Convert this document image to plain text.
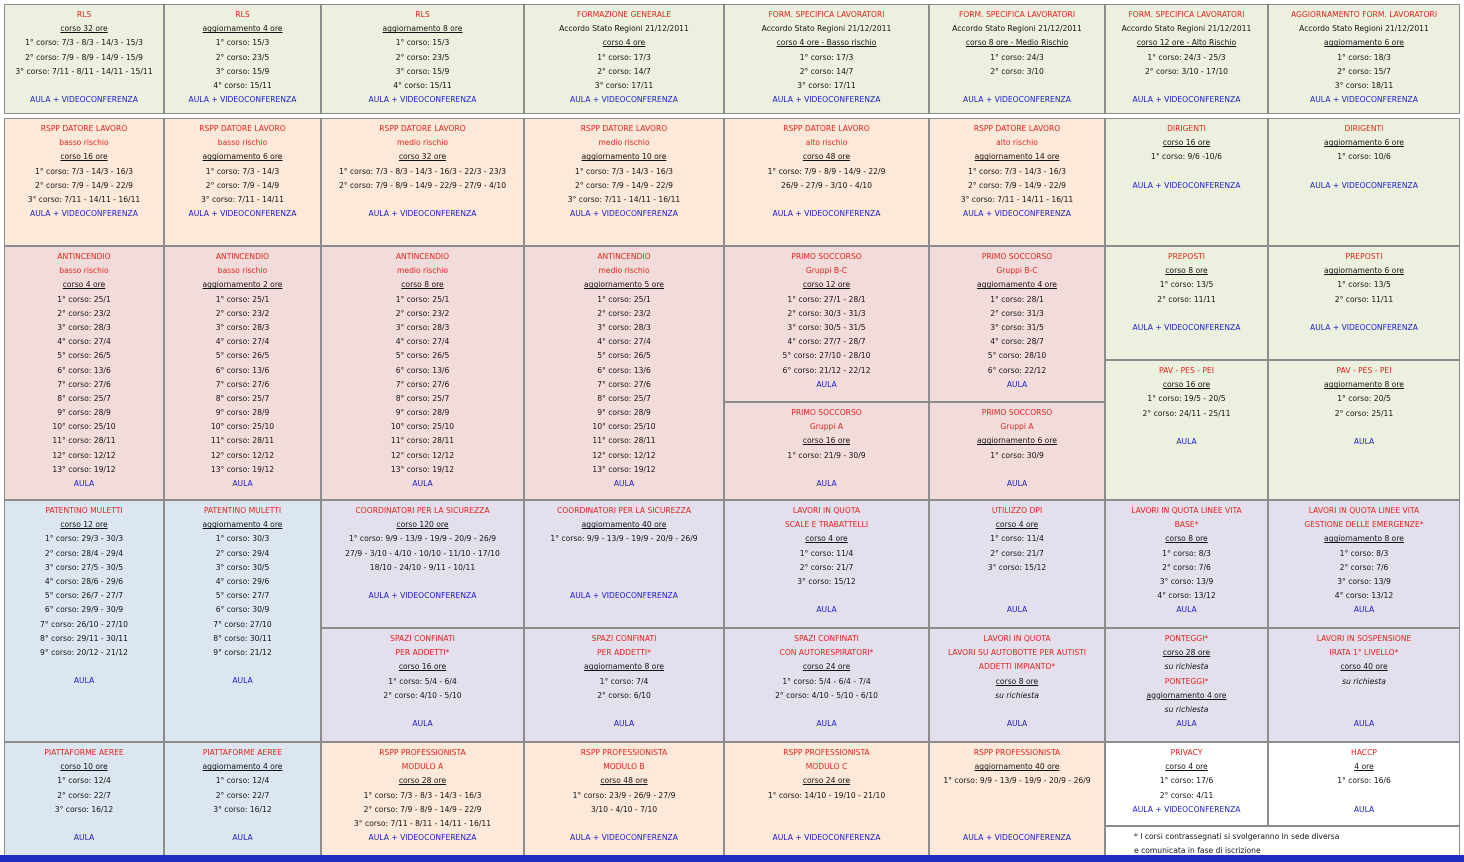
RLS
corso 32 ore
1° corso: 7/3 - 8/3 - 14/3 - 15/3
2° corso: 7/9 - 8/9 - 14/9 - 15/9
3° corso: 7/11 - 8/11 - 14/11 - 15/11
AULA + VIDEOCONFERENZA
RLS
aggiornamento 4 ore
1° corso: 15/3
2° corso: 23/5
3° corso: 15/9
4° corso: 15/11
AULA + VIDEOCONFERENZA
RLS
aggiornamento 8 ore
1° corso: 15/3
2° corso: 23/5
3° corso: 15/9
4° corso: 15/11
AULA + VIDEOCONFERENZA
FORMAZIONE GENERALE
Accordo Stato Regioni 21/12/2011
corso 4 ore
1° corso: 17/3
2° corso: 14/7
3° corso: 17/11
AULA + VIDEOCONFERENZA
FORM. SPECIFICA LAVORATORI
Accordo Stato Regioni 21/12/2011
corso 4 ore - Basso rischio
1° corso: 17/3
2° corso: 14/7
3° corso: 17/11
AULA + VIDEOCONFERENZA
FORM. SPECIFICA LAVORATORI
Accordo Stato Regioni 21/12/2011
corso 8 ore - Medio Rischio
1° corso: 24/3
2° corso: 3/10
AULA + VIDEOCONFERENZA
FORM. SPECIFICA LAVORATORI
Accordo Stato Regioni 21/12/2011
corso 12 ore - Alto Rischio
1° corso: 24/3 - 25/3
2° corso: 3/10 - 17/10
AULA + VIDEOCONFERENZA
AGGIORNAMENTO FORM. LAVORATORI
Accordo Stato Regioni 21/12/2011
aggiornamento 6 ore
1° corso: 18/3
2° corso: 15/7
3° corso: 18/11
AULA + VIDEOCONFERENZA
RSPP DATORE LAVORO
basso rischio
corso 16 ore
1° corso: 7/3 - 14/3 - 16/3
2° corso: 7/9 - 14/9 - 22/9
3° corso: 7/11 - 14/11 - 16/11
AULA + VIDEOCONFERENZA
RSPP DATORE LAVORO
basso rischio
aggiornamento 6 ore
1° corso: 7/3 - 14/3
2° corso: 7/9 - 14/9
3° corso: 7/11 - 14/11
AULA + VIDEOCONFERENZA
RSPP DATORE LAVORO
medio rischio
corso 32 ore
1° corso: 7/3 - 8/3 - 14/3 - 16/3 - 22/3 - 23/3
2° corso: 7/9 - 8/9 - 14/9 - 22/9 - 27/9 - 4/10
AULA + VIDEOCONFERENZA
RSPP DATORE LAVORO
medio rischio
aggiornamento 10 ore
1° corso: 7/3 - 14/3 - 16/3
2° corso: 7/9 - 14/9 - 22/9
3° corso: 7/11 - 14/11 - 16/11
AULA + VIDEOCONFERENZA
RSPP DATORE LAVORO
alto rischio
corso 48 ore
1° corso: 7/9 - 8/9 - 14/9 - 22/9
26/9 - 27/9 - 3/10 - 4/10
AULA + VIDEOCONFERENZA
RSPP DATORE LAVORO
alto rischio
aggiornamento 14 ore
1° corso: 7/3 - 14/3 - 16/3
2° corso: 7/9 - 14/9 - 22/9
3° corso: 7/11 - 14/11 - 16/11
AULA + VIDEOCONFERENZA
DIRIGENTI
corso 16 ore
1° corso: 9/6 -10/6
AULA + VIDEOCONFERENZA
DIRIGENTI
aggiornamento 6 ore
1° corso: 10/6
AULA + VIDEOCONFERENZA
ANTINCENDIO
basso rischio
corso 4 ore
1° corso: 25/1
2° corso: 23/2
3° corso: 28/3
4° corso: 27/4
5° corso: 26/5
6° corso: 13/6
7° corso: 27/6
8° corso: 25/7
9° corso: 28/9
10° corso: 25/10
11° corso: 28/11
12° corso: 12/12
13° corso: 19/12
AULA
ANTINCENDIO
basso rischio
aggiornamento 2 ore
1° corso: 25/1
2° corso: 23/2
3° corso: 28/3
4° corso: 27/4
5° corso: 26/5
6° corso: 13/6
7° corso: 27/6
8° corso: 25/7
9° corso: 28/9
10° corso: 25/10
11° corso: 28/11
12° corso: 12/12
13° corso: 19/12
AULA
ANTINCENDIO
medio rischio
corso 8 ore
1° corso: 25/1
2° corso: 23/2
3° corso: 28/3
4° corso: 27/4
5° corso: 26/5
6° corso: 13/6
7° corso: 27/6
8° corso: 25/7
9° corso: 28/9
10° corso: 25/10
11° corso: 28/11
12° corso: 12/12
13° corso: 19/12
AULA
ANTINCENDIO
medio rischio
aggiornamento 5 ore
1° corso: 25/1
2° corso: 23/2
3° corso: 28/3
4° corso: 27/4
5° corso: 26/5
6° corso: 13/6
7° corso: 27/6
8° corso: 25/7
9° corso: 28/9
10° corso: 25/10
11° corso: 28/11
12° corso: 12/12
13° corso: 19/12
AULA
PRIMO SOCCORSO
Gruppi B-C
corso 12 ore
1° corso: 27/1 - 28/1
2° corso: 30/3 - 31/3
3° corso: 30/5 - 31/5
4° corso: 27/7 - 28/7
5° corso: 27/10 - 28/10
6° corso: 21/12 - 22/12
AULA
PRIMO SOCCORSO
Gruppi B-C
aggiornamento 4 ore
1° corso: 28/1
2° corso: 31/3
3° corso: 31/5
4° corso: 28/7
5° corso: 28/10
6° corso: 22/12
AULA
PRIMO SOCCORSO
Gruppi A
corso 16 ore
1° corso: 21/9 - 30/9
AULA
PRIMO SOCCORSO
Gruppi A
aggiornamento 6 ore
1° corso: 30/9
AULA
PREPOSTI
corso 8 ore
1° corso: 13/5
2° corso: 11/11
AULA + VIDEOCONFERENZA
PREPOSTI
aggiornamento 6 ore
1° corso: 13/5
2° corso: 11/11
AULA + VIDEOCONFERENZA
PAV - PES - PEI
corso 16 ore
1° corso: 19/5 - 20/5
2° corso: 24/11 - 25/11
AULA
PAV - PES - PEI
aggiornamento 8 ore
1° corso: 20/5
2° corso: 25/11
AULA
PATENTINO MULETTI
corso 12 ore
1° corso: 29/3 - 30/3
2° corso: 28/4 - 29/4
3° corso: 27/5 - 30/5
4° corso: 28/6 - 29/6
5° corso: 26/7 - 27/7
6° corso: 29/9 - 30/9
7° corso: 26/10 - 27/10
8° corso: 29/11 - 30/11
9° corso: 20/12 - 21/12
AULA
PATENTINO MULETTI
aggiornamento 4 ore
1° corso: 30/3
2° corso: 29/4
3° corso: 30/5
4° corso: 29/6
5° corso: 27/7
6° corso: 30/9
7° corso: 27/10
8° corso: 30/11
9° corso: 21/12
AULA
COORDINATORI PER LA SICUREZZA
corso 120 ore
1° corso: 9/9 - 13/9 - 19/9 - 20/9 - 26/9
27/9 - 3/10 - 4/10 - 10/10 - 11/10 - 17/10
18/10 - 24/10 - 9/11 - 10/11
AULA + VIDEOCONFERENZA
COORDINATORI PER LA SICUREZZA
aggiornamento 40 ore
1° corso: 9/9 - 13/9 - 19/9 - 20/9 - 26/9
AULA + VIDEOCONFERENZA
LAVORI IN QUOTA
SCALE E TRABATTELLI
corso 4 ore
1° corso: 11/4
2° corso: 21/7
3° corso: 15/12
AULA
UTILIZZO DPI
corso 4 ore
1° corso: 11/4
2° corso: 21/7
3° corso: 15/12
AULA
LAVORI IN QUOTA LINEE VITA
BASE*
corso 8 ore
1° corso: 8/3
2° corso: 7/6
3° corso: 13/9
4° corso: 13/12
AULA
LAVORI IN QUOTA LINEE VITA
GESTIONE DELLE EMERGENZE*
aggiornamento 8 ore
1° corso: 8/3
2° corso: 7/6
3° corso: 13/9
4° corso: 13/12
AULA
SPAZI CONFINATI
PER ADDETTI*
corso 16 ore
1° corso: 5/4 - 6/4
2° corso: 4/10 - 5/10
AULA
SPAZI CONFINATI
PER ADDETTI*
aggiornamento 8 ore
1° corso: 7/4
2° corso: 6/10
AULA
SPAZI CONFINATI
CON AUTORESPIRATORI*
corso 24 ore
1° corso: 5/4 - 6/4 - 7/4
2° corso: 4/10 - 5/10 - 6/10
AULA
LAVORI IN QUOTA
LAVORI SU AUTOBOTTE PER AUTISTI
ADDETTI IMPIANTO*
corso 8 ore
su richiesta
AULA
PONTEGGI*
corso 28 ore
su richiesta
PONTEGGI*
aggiornamento 4 ore
su richiesta
AULA
LAVORI IN SOSPENSIONE
IRATA 1° LIVELLO*
corso 40 ore
su richiesta
AULA
PIATTAFORME AEREE
corso 10 ore
1° corso: 12/4
2° corso: 22/7
3° corso: 16/12
AULA
PIATTAFORME AEREE
aggiornamento 4 ore
1° corso: 12/4
2° corso: 22/7
3° corso: 16/12
AULA
RSPP PROFESSIONISTA
MODULO A
corso 28 ore
1° corso: 7/3 - 8/3 - 14/3 - 16/3
2° corso: 7/9 - 8/9 - 14/9 - 22/9
3° corso: 7/11 - 8/11 - 14/11 - 16/11
AULA + VIDEOCONFERENZA
RSPP PROFESSIONISTA
MODULO B
corso 48 ore
1° corso: 23/9 - 26/9 - 27/9
3/10 - 4/10 - 7/10
AULA + VIDEOCONFERENZA
RSPP PROFESSIONISTA
MODULO C
corso 24 ore
1° corso: 14/10 - 19/10 - 21/10
AULA + VIDEOCONFERENZA
RSPP PROFESSIONISTA
aggiornamento 40 ore
1° corso: 9/9 - 13/9 - 19/9 - 20/9 - 26/9
AULA + VIDEOCONFERENZA
PRIVACY
corso 4 ore
1° corso: 17/6
2° corso: 4/11
AULA + VIDEOCONFERENZA
HACCP
4 ore
1° corso: 16/6
AULA
* I corsi contrassegnati si svolgeranno in sede diversa
e comunicata in fase di iscrizione
